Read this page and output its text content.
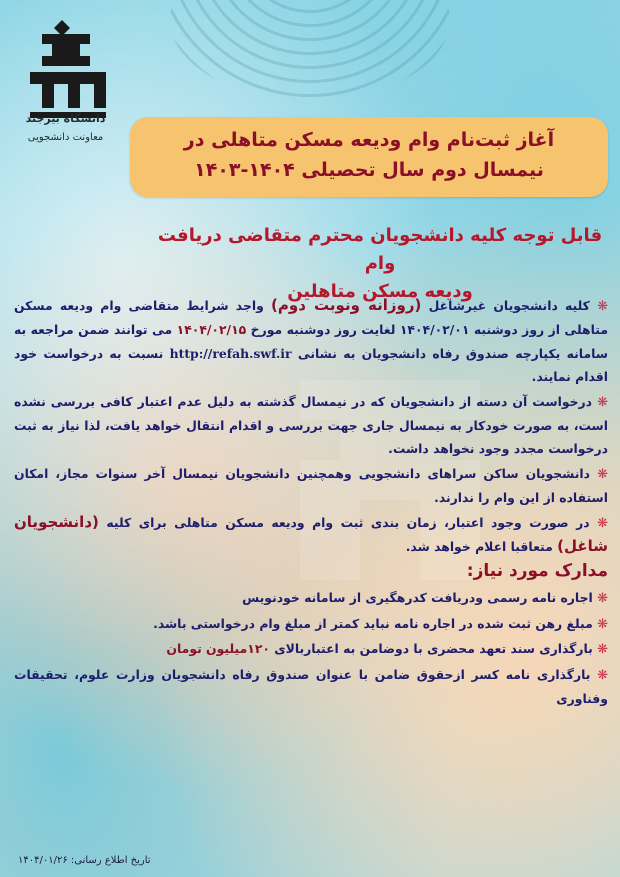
دانشگاه بیرجند
معاونت دانشجویی	آغاز ثبت‌نام وام ودیعه مسکن متاهلی در
نیمسال دوم سال تحصیلی ۱۴۰۴-۱۴۰۳
قابل توجه کلیه دانشجویان محترم متقاضی دریافت وام
ودیعه مسکن متاهلین

❋ کلیه دانشجویان غیرشاغل (روزانه ونوبت دوم) واجد شرایط متقاضی وام ودیعه مسکن متاهلی از روز دوشنبه ۱۴۰۴/۰۲/۰۱ لغایت روز دوشنبه مورخ ۱۴۰۴/۰۲/۱۵ می توانند ضمن مراجعه به سامانه یکپارچه صندوق رفاه دانشجویان به نشانی http://refah.swf.ir نسبت به درخواست خود اقدام نمایند.

❋ درخواست آن دسته از دانشجویان که در نیمسال گذشته به دلیل عدم اعتبار کافی بررسی نشده است، به صورت خودکار به نیمسال جاری جهت بررسی و اقدام انتقال خواهد یافت، لذا نیاز به ثبت درخواست مجدد وجود نخواهد داشت.

❋ دانشجویان ساکن سراهای دانشجویی وهمچنین دانشجویان نیمسال آخر سنوات مجاز، امکان استفاده از این وام را ندارند.

❋ در صورت وجود اعتبار، زمان بندی ثبت وام ودیعه مسکن متاهلی برای کلیه (دانشجویان شاغل) متعاقبا اعلام خواهد شد.

مدارک مورد نیاز:

❋ اجاره نامه رسمی ودریافت کدرهگیری از سامانه خودنویس

❋ مبلغ رهن ثبت شده در اجاره نامه نباید کمتر از مبلغ وام درخواستی باشد.

❋ بارگذاری سند تعهد محضری با دوضامن به اعتباربالای ۱۲۰میلیون تومان

❋ بارگذاری نامه کسر ازحقوق ضامن با عنوان صندوق رفاه دانشجویان وزارت علوم، تحقیقات وفناوری

تاریخ اطلاع رسانی: ۱۴۰۴/۰۱/۲۶
